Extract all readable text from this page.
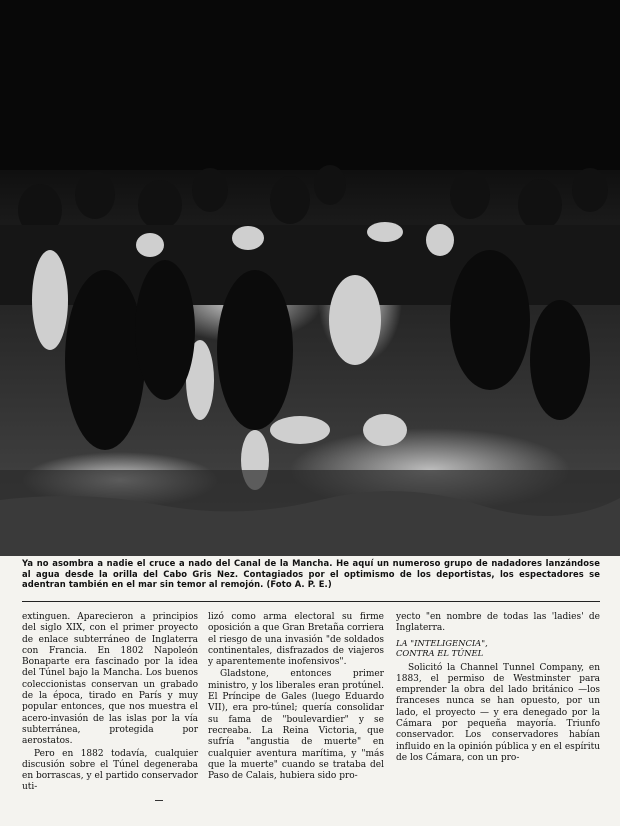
Ya no asombra a nadie el cruce a nado del Canal de la Mancha. He aquí un numeroso grupo de nadadores lanzándose al agua desde la orilla del Cabo Gris Nez. Contagiados por el optimismo de los deportistas, los espectadores se adentran también en el mar sin temor al remojón. (Foto A. P. E.)

extinguen. Aparecieron a principios del siglo XIX, con el primer proyecto de enlace subterráneo de Inglaterra con Francia. En 1802 Napoleón Bonaparte era fascinado por la idea del Túnel bajo la Mancha. Los buenos coleccionistas conservan un grabado de la época, tirado en París y muy popular entonces, que nos muestra el acero-invasión de las islas por la vía subterránea, protegida por aerostatos.

Pero en 1882 todavía, cualquier discusión sobre el Túnel degeneraba en borrascas, y el partido conservador uti-

lizó como arma electoral su firme oposición a que Gran Bretaña corriera el riesgo de una invasión "de soldados continentales, disfrazados de viajeros y aparentemente inofensivos".

Gladstone, entonces primer ministro, y los liberales eran protúnel. El Príncipe de Gales (luego Eduardo VII), era pro-túnel; quería consolidar su fama de "boulevardier" y se recreaba. La Reina Victoria, que sufría "angustia de muerte" en cualquier aventura marítima, y "más que la muerte" cuando se trataba del Paso de Calais, hubiera sido pro-

yecto "en nombre de todas las 'ladies' de Inglaterra.

LA "INTELIGENCIA",
CONTRA EL TÚNEL

Solicitó la Channel Tunnel Company, en 1883, el permiso de Westminster para emprender la obra del lado británico —los franceses nunca se han opuesto, por un lado, el proyecto — y era denegado por la Cámara por pequeña mayoría. Triunfo conservador. Los conservadores habían influido en la opinión pública y en el espíritu de los Cámara, con un pro-
